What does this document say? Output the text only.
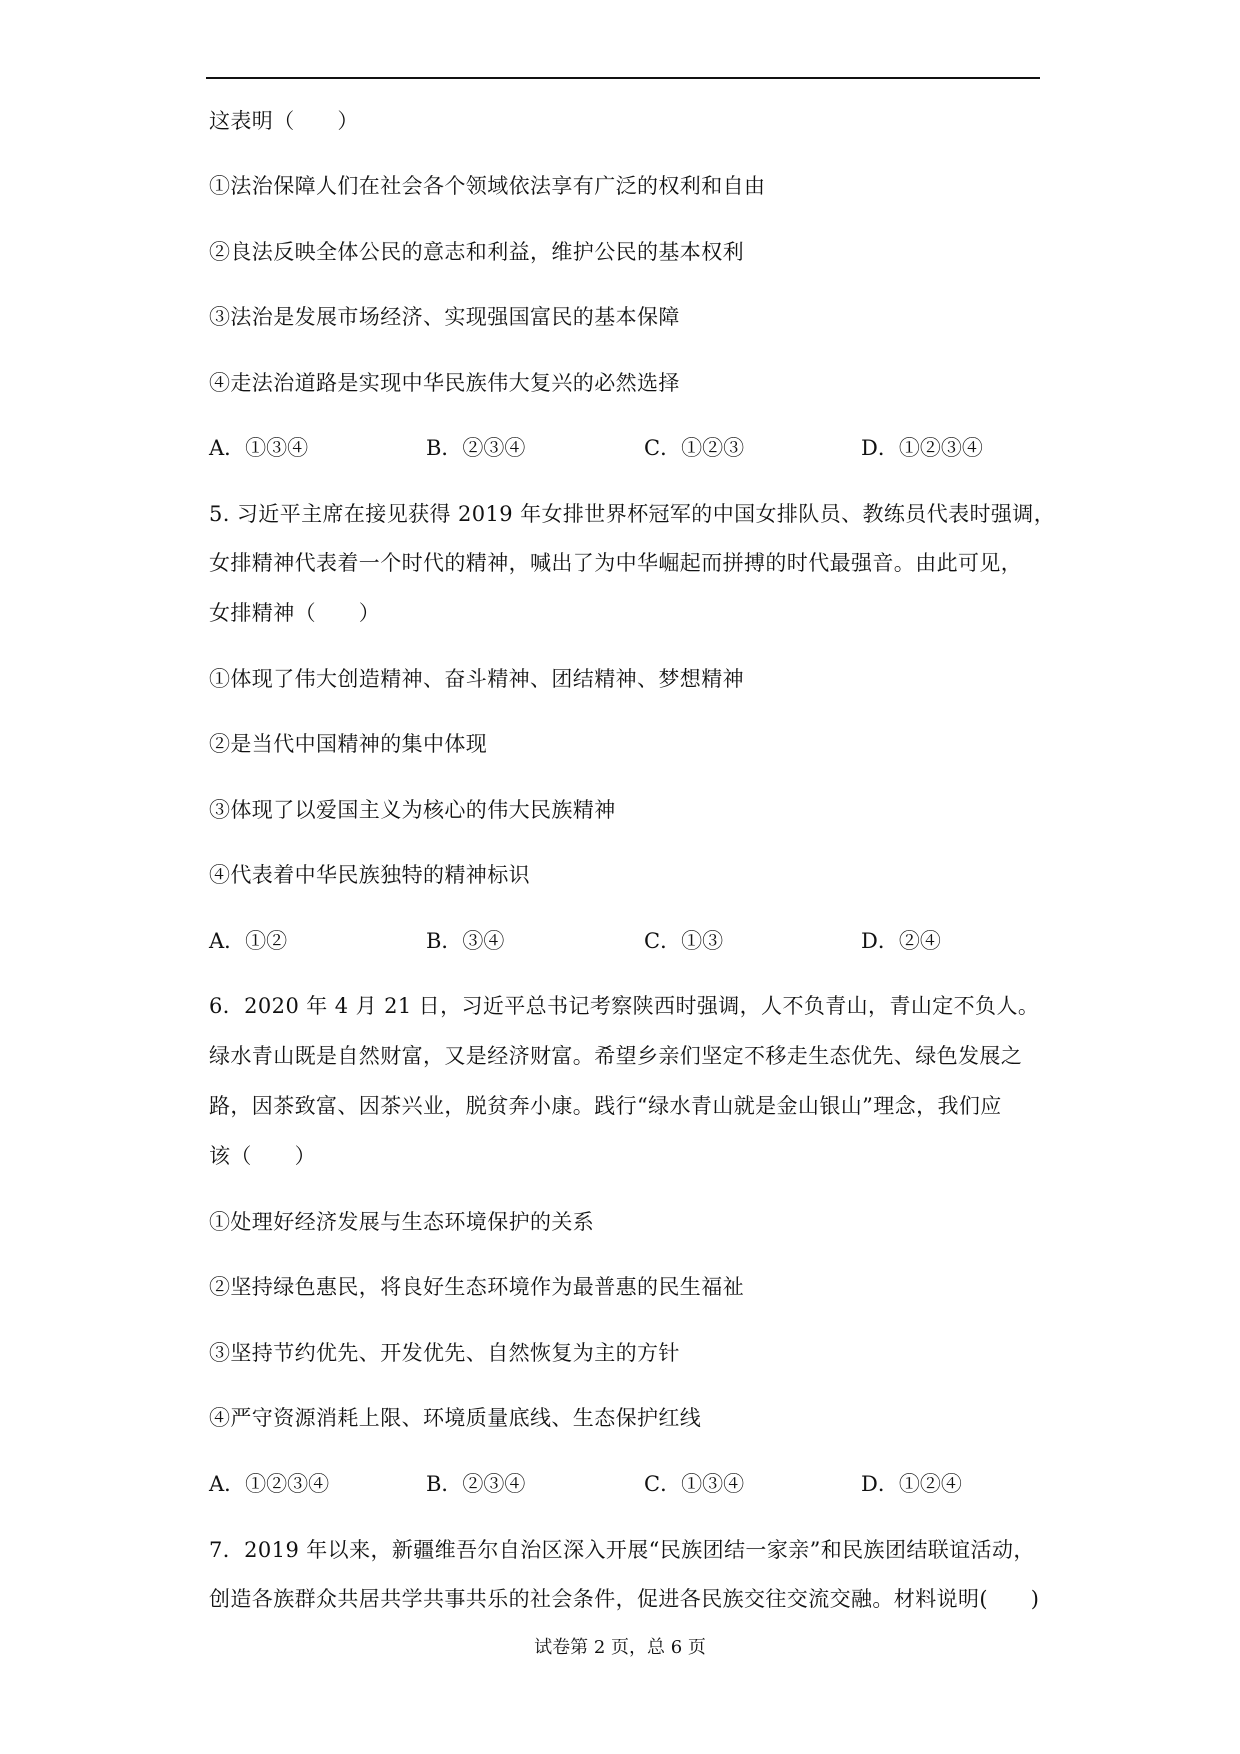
这表明（　　）
①法治保障人们在社会各个领域依法享有广泛的权利和自由
②良法反映全体公民的意志和利益，维护公民的基本权利
③法治是发展市场经济、实现强国富民的基本保障
④走法治道路是实现中华民族伟大复兴的必然选择
A．①③④	B．②③④	C．①②③	D．①②③④
5. 习近平主席在接见获得 2019 年女排世界杯冠军的中国女排队员、教练员代表时强调，
女排精神代表着一个时代的精神，喊出了为中华崛起而拼搏的时代最强音。由此可见，
女排精神（　　）
①体现了伟大创造精神、奋斗精神、团结精神、梦想精神
②是当代中国精神的集中体现
③体现了以爱国主义为核心的伟大民族精神
④代表着中华民族独特的精神标识
A．①②	B．③④	C．①③	D．②④
6．2020 年 4 月 21 日，习近平总书记考察陕西时强调，人不负青山，青山定不负人。
绿水青山既是自然财富，又是经济财富。希望乡亲们坚定不移走生态优先、绿色发展之
路，因茶致富、因茶兴业，脱贫奔小康。践行“绿水青山就是金山银山”理念，我们应
该（　　）
①处理好经济发展与生态环境保护的关系
②坚持绿色惠民，将良好生态环境作为最普惠的民生福祉
③坚持节约优先、开发优先、自然恢复为主的方针
④严守资源消耗上限、环境质量底线、生态保护红线
A．①②③④	B．②③④	C．①③④	D．①②④
7．2019 年以来，新疆维吾尔自治区深入开展“民族团结一家亲”和民族团结联谊活动，
创造各族群众共居共学共事共乐的社会条件，促进各民族交往交流交融。材料说明(　　)
试卷第 2 页，总 6 页
